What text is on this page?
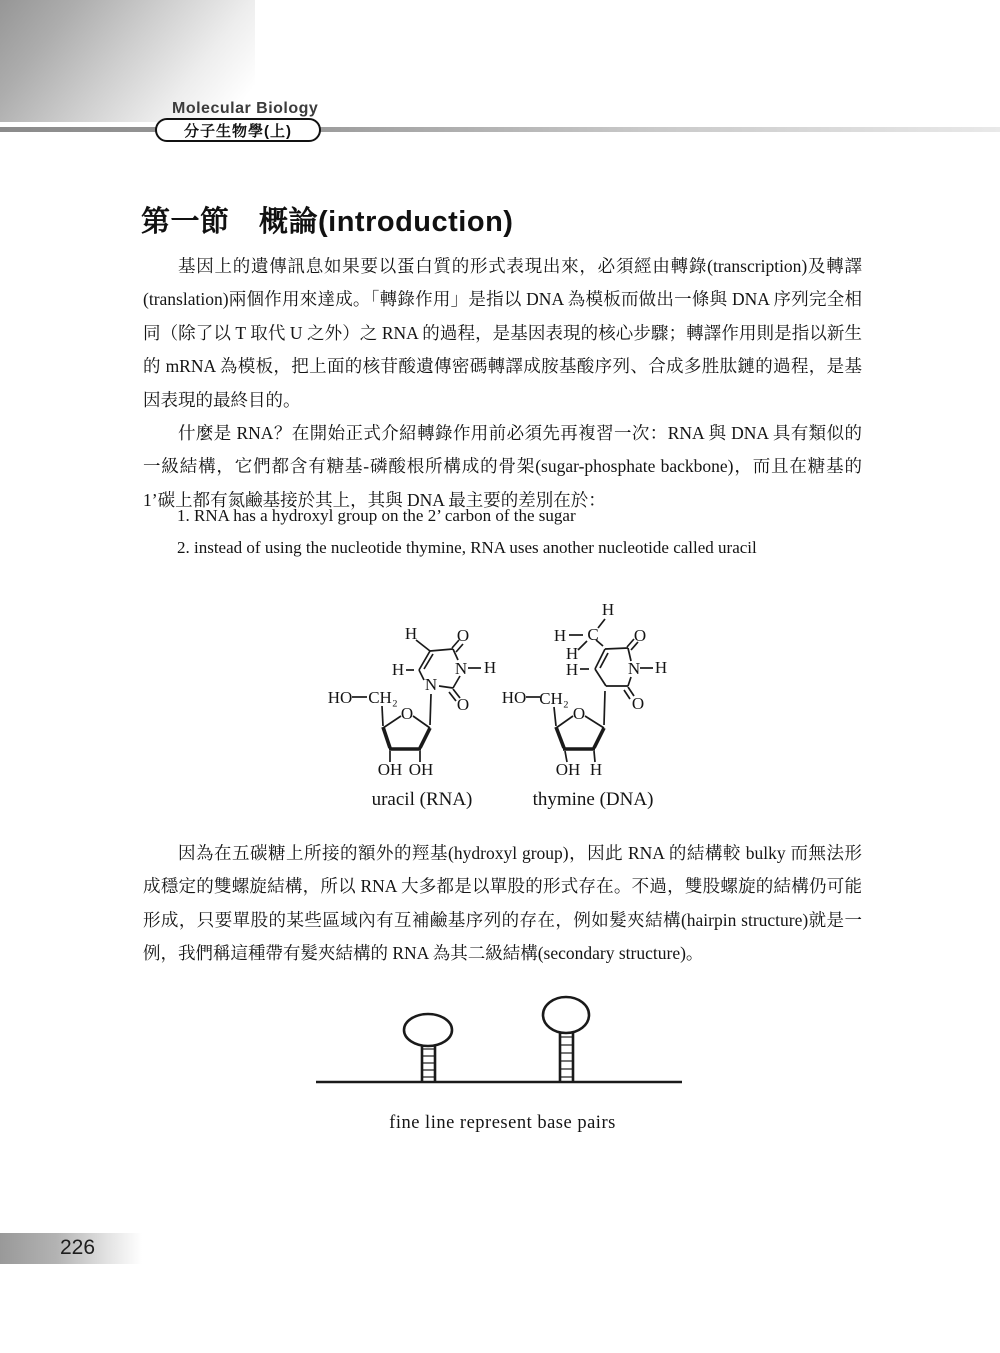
Molecular Biology
分子生物學(上)
第一節　概論(introduction)

基因上的遺傳訊息如果要以蛋白質的形式表現出來，必須經由轉錄(transcription)及轉譯(translation)兩個作用來達成。「轉錄作用」是指以 DNA 為模板而做出一條與 DNA 序列完全相同（除了以 T 取代 U 之外）之 RNA 的過程，是基因表現的核心步驟；轉譯作用則是指以新生的 mRNA 為模板，把上面的核苷酸遺傳密碼轉譯成胺基酸序列、合成多胜肽鏈的過程，是基因表現的最終目的。

什麼是 RNA？在開始正式介紹轉錄作用前必須先再複習一次：RNA 與 DNA 具有類似的一級結構，它們都含有糖基-磷酸根所構成的骨架(sugar-phosphate backbone)，而且在糖基的 1’碳上都有氮鹼基接於其上，其與 DNA 最主要的差別在於：

1. RNA has a hydroxyl group on the 2’ carbon of the sugar
2. instead of using the nucleotide thymine, RNA uses another nucleotide called uracil
H O
H	N H
N
O
HO CH₂
O
OH OH
uracil (RNA)
H
H C
H
H
O
N H
O
HO CH₂
O
OH H
thymine (DNA)

因為在五碳糖上所接的額外的羥基(hydroxyl group)，因此 RNA 的結構較 bulky 而無法形成穩定的雙螺旋結構，所以 RNA 大多都是以單股的形式存在。不過，雙股螺旋的結構仍可能形成，只要單股的某些區域內有互補鹼基序列的存在，例如髮夾結構(hairpin structure)就是一例，我們稱這種帶有髮夾結構的 RNA 為其二級結構(secondary structure)。

fine line represent base pairs
226
